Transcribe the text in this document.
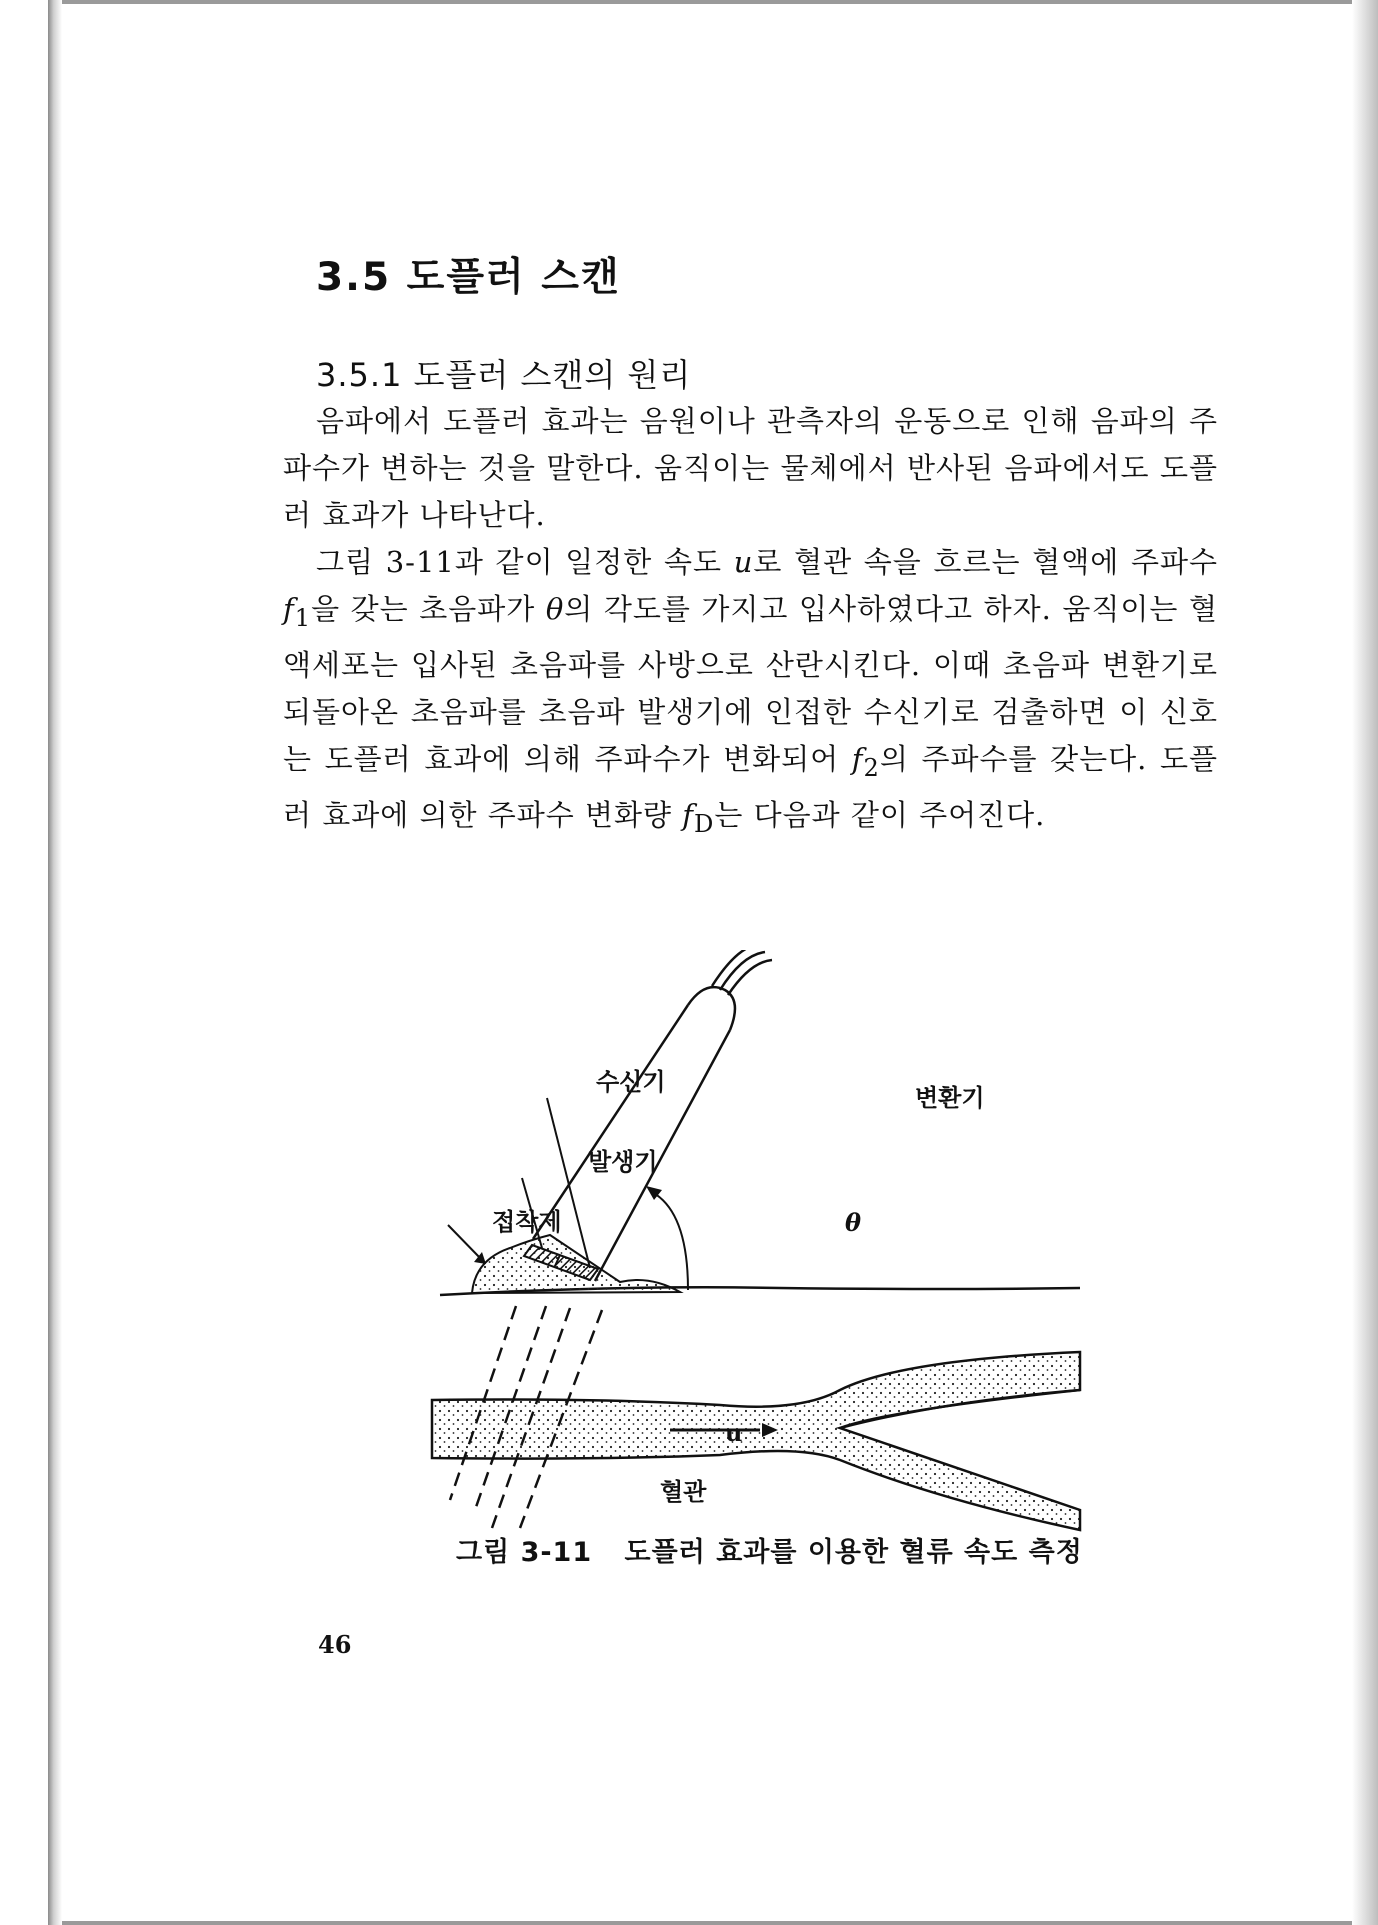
3.5 도플러 스캔
3.5.1 도플러 스캔의 원리

음파에서 도플러 효과는 음원이나 관측자의 운동으로 인해 음파의 주파수가 변하는 것을 말한다. 움직이는 물체에서 반사된 음파에서도 도플러 효과가 나타난다.

그림 3-11과 같이 일정한 속도 u로 혈관 속을 흐르는 혈액에 주파수 $f_1$을 갖는 초음파가 θ의 각도를 가지고 입사하였다고 하자. 움직이는 혈액세포는 입사된 초음파를 사방으로 산란시킨다. 이때 초음파 변환기로 되돌아온 초음파를 초음파 발생기에 인접한 수신기로 검출하면 이 신호는 도플러 효과에 의해 주파수가 변화되어 $f_2$의 주파수를 갖는다. 도플러 효과에 의한 주파수 변화량 $f_D$는 다음과 같이 주어진다.

수신기
변환기
발생기
접착제	θ
u
혈관
그림 3-11 도플러 효과를 이용한 혈류 속도 측정
46
